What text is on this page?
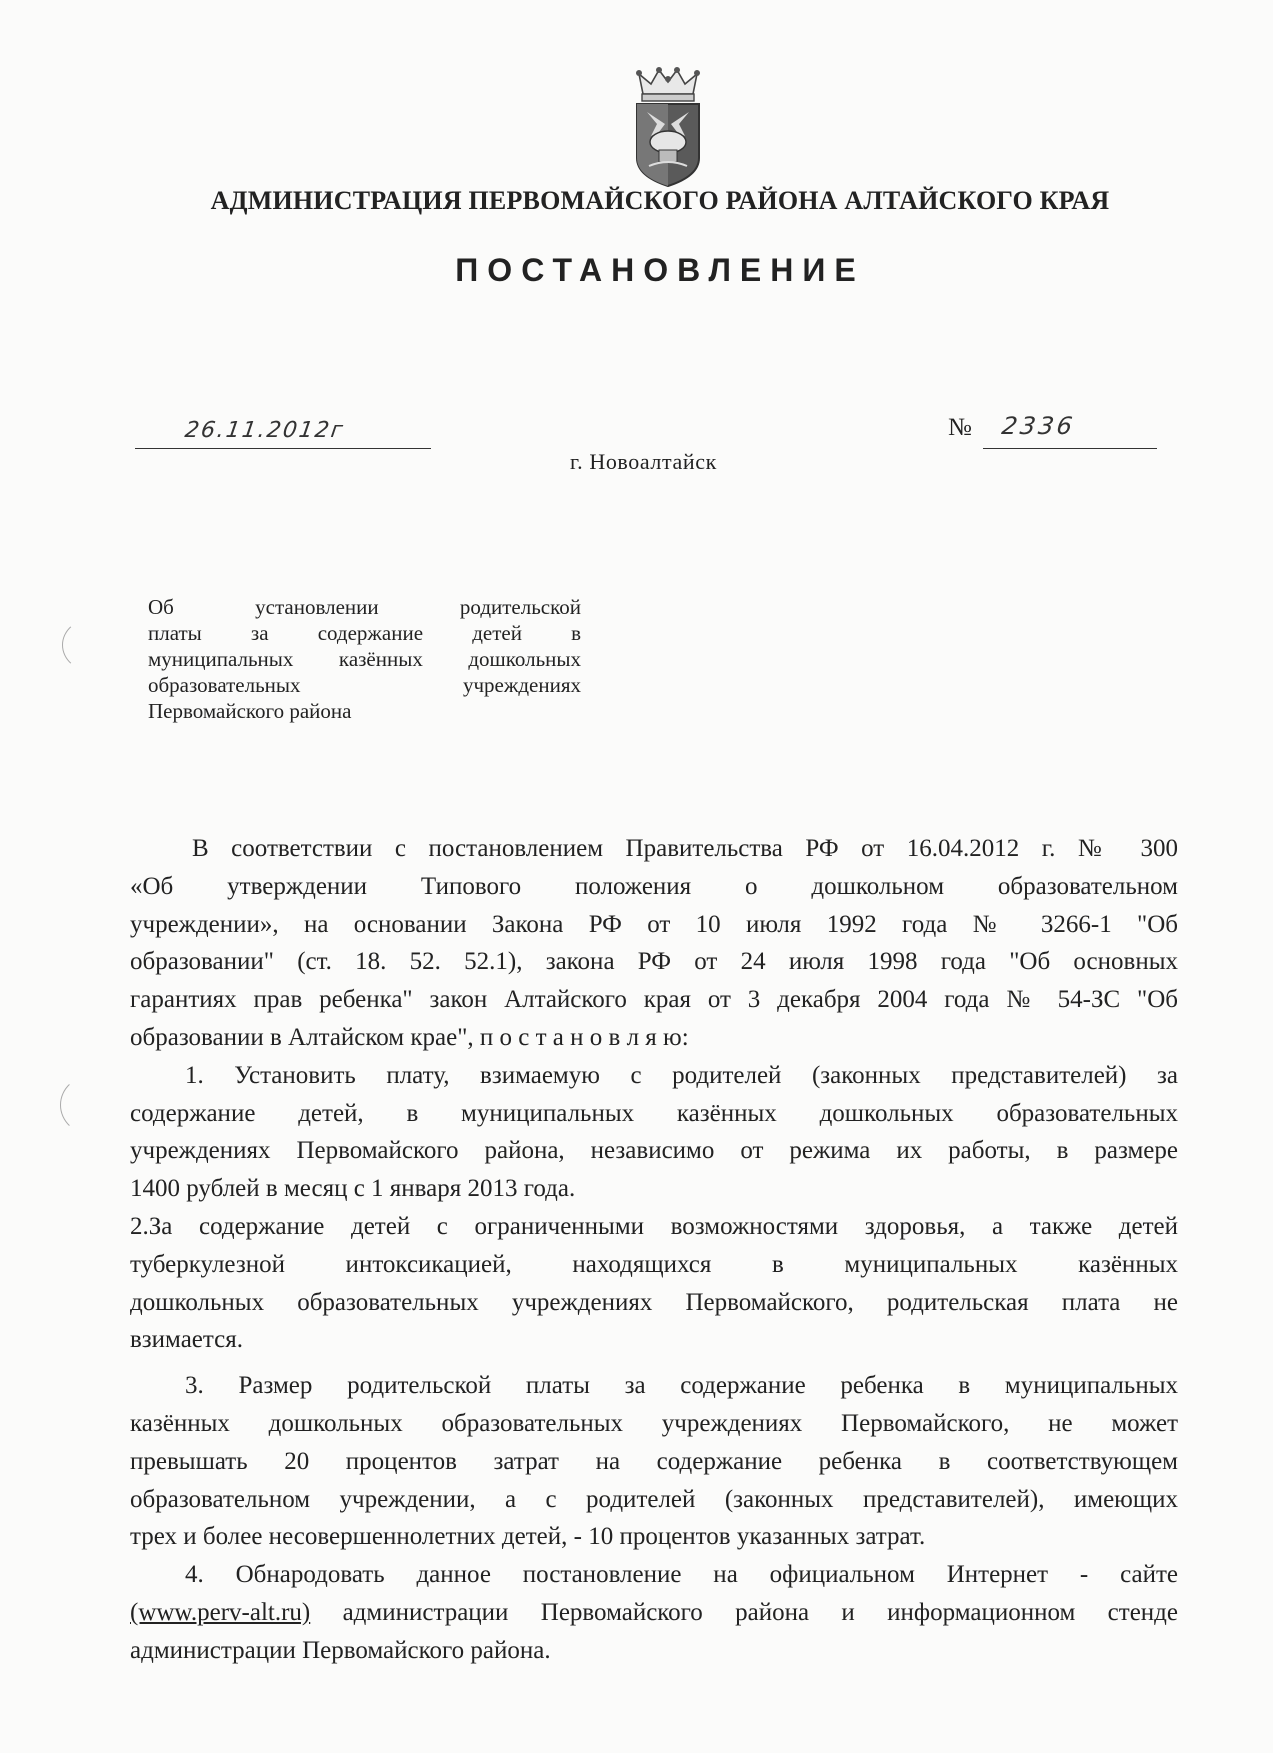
АДМИНИСТРАЦИЯ ПЕРВОМАЙСКОГО РАЙОНА АЛТАЙСКОГО КРАЯ
ПОСТАНОВЛЕНИЕ
26.11.2012г	№ 2336
г. Новоалтайск
Об установлении родительской
платы за содержание детей в
муниципальных казённых дошкольных
образовательных учреждениях
Первомайского района
В соответствии с постановлением Правительства РФ от 16.04.2012 г. № 300
«Об утверждении Типового положения о дошкольном образовательном
учреждении», на основании Закона РФ от 10 июля 1992 года № 3266-1 "Об
образовании" (ст. 18. 52. 52.1), закона РФ от 24 июля 1998 года "Об основных
гарантиях прав ребенка" закон Алтайского края от 3 декабря 2004 года № 54-ЗС "Об
образовании в Алтайском крае", п о с т а н о в л я ю:
1. Установить плату, взимаемую с родителей (законных представителей) за
содержание детей, в муниципальных казённых дошкольных образовательных
учреждениях Первомайского района, независимо от режима их работы, в размере
1400 рублей в месяц с 1 января 2013 года.
2.За содержание детей с ограниченными возможностями здоровья, а также детей
туберкулезной интоксикацией, находящихся в муниципальных казённых
дошкольных образовательных учреждениях Первомайского, родительская плата не
взимается.
3. Размер родительской платы за содержание ребенка в муниципальных
казённых дошкольных образовательных учреждениях Первомайского, не может
превышать 20 процентов затрат на содержание ребенка в соответствующем
образовательном учреждении, а с родителей (законных представителей), имеющих
трех и более несовершеннолетних детей, - 10 процентов указанных затрат.
4. Обнародовать данное постановление на официальном Интернет - сайте
(www.perv-alt.ru) администрации Первомайского района и информационном стенде
администрации Первомайского района.
